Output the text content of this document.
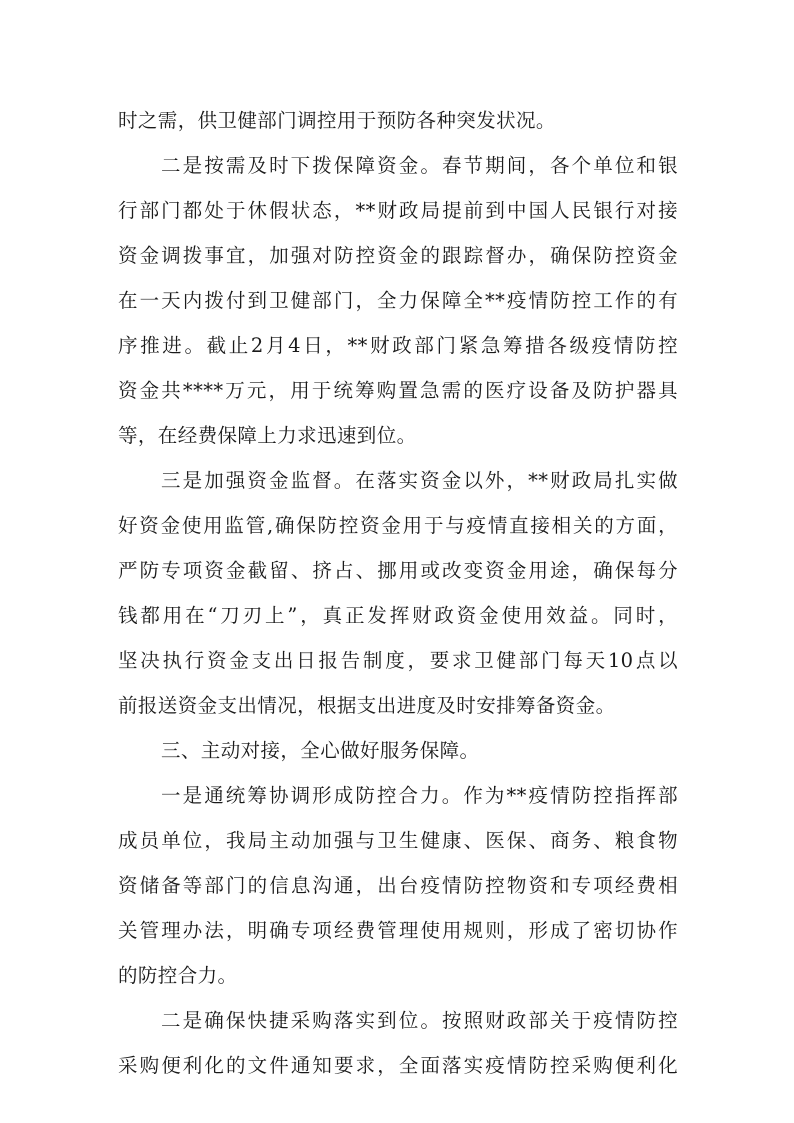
时之需，供卫健部门调控用于预防各种突发状况。
二是按需及时下拨保障资金。春节期间，各个单位和银
行部门都处于休假状态，**财政局提前到中国人民银行对接
资金调拨事宜，加强对防控资金的跟踪督办，确保防控资金
在一天内拨付到卫健部门，全力保障全**疫情防控工作的有
序推进。截止2月4日，**财政部门紧急筹措各级疫情防控
资金共****万元，用于统筹购置急需的医疗设备及防护器具
等，在经费保障上力求迅速到位。
三是加强资金监督。在落实资金以外，**财政局扎实做
好资金使用监管,确保防控资金用于与疫情直接相关的方面，
严防专项资金截留、挤占、挪用或改变资金用途，确保每分
钱都用在“刀刃上”，真正发挥财政资金使用效益。同时，
坚决执行资金支出日报告制度，要求卫健部门每天10点以
前报送资金支出情况，根据支出进度及时安排筹备资金。
三、主动对接，全心做好服务保障。
一是通统筹协调形成防控合力。作为**疫情防控指挥部
成员单位，我局主动加强与卫生健康、医保、商务、粮食物
资储备等部门的信息沟通，出台疫情防控物资和专项经费相
关管理办法，明确专项经费管理使用规则，形成了密切协作
的防控合力。
二是确保快捷采购落实到位。按照财政部关于疫情防控
采购便利化的文件通知要求，全面落实疫情防控采购便利化
